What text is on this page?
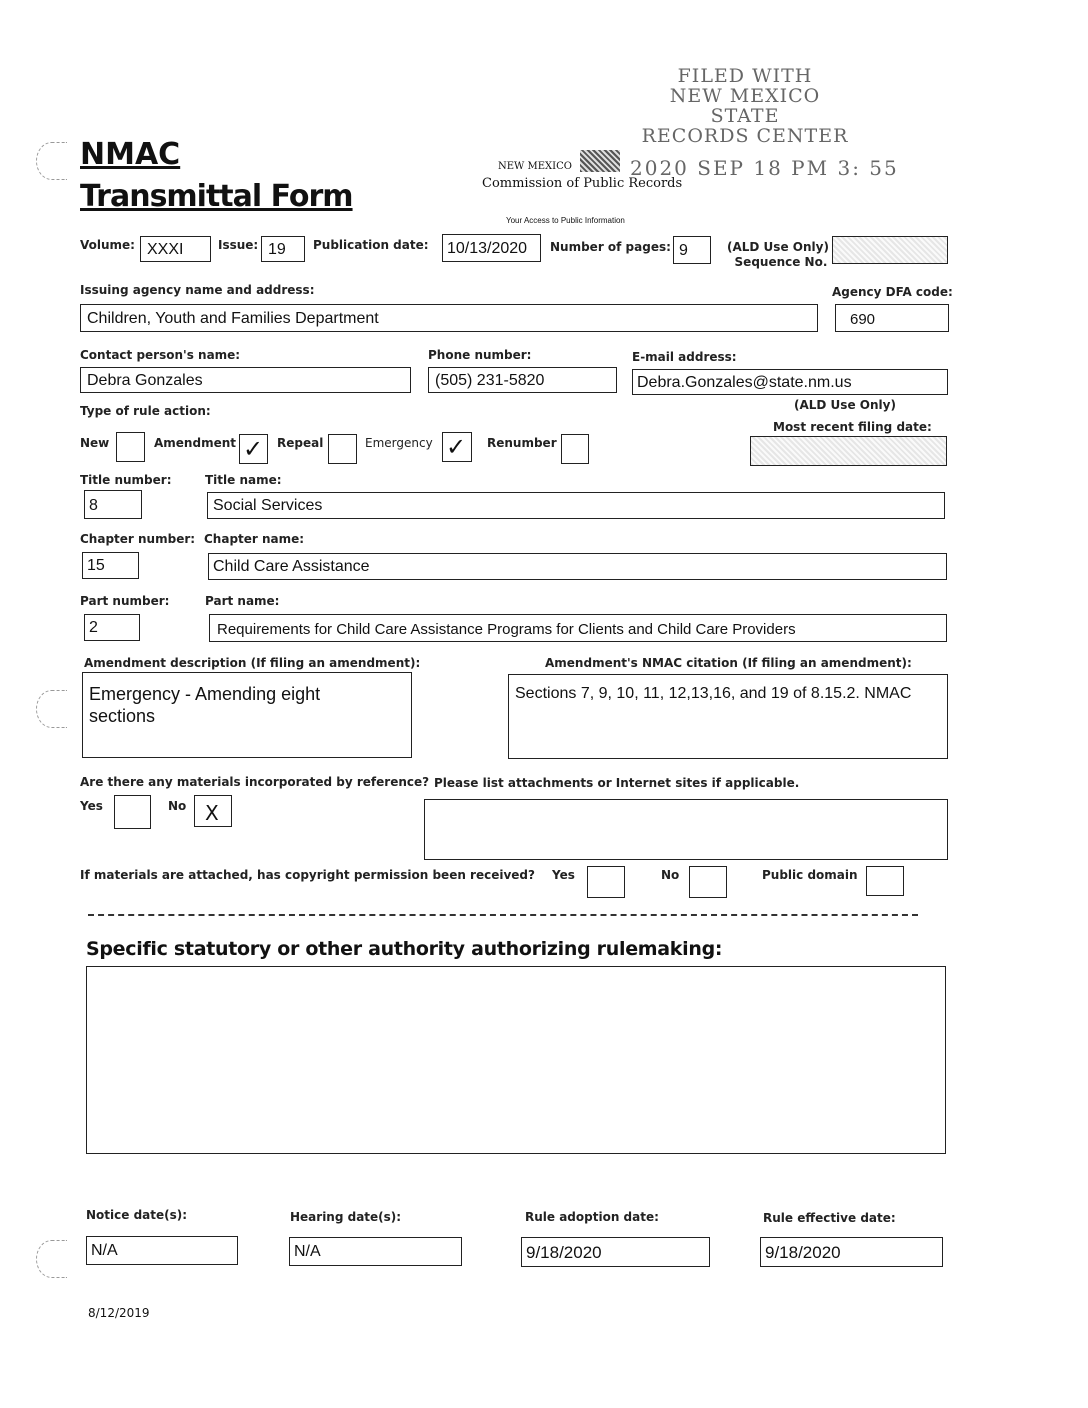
FILED WITH
NEW MEXICO STATE
RECORDS CENTER
2020 SEP 18 PM 3: 55
NMAC
Transmittal Form
NEW MEXICO
Commission of Public Records
Your Access to Public Information
Volume: XXXI	Issue: 19 Publication date: 10/13/2020 Number of pages: 9	(ALD Use Only)
Sequence No.
Issuing agency name and address:	Agency DFA code:
Children, Youth and Families Department	690
Contact person's name:	Phone number:	E-mail address:
Debra Gonzales	(505) 231-5820	Debra.Gonzales@state.nm.us
Type of rule action:	(ALD Use Only)
Most recent filing date:
New	Amendment ✓ Repeal	Emergency ✓ Renumber
Title number:	Title name:
8	Social Services
Chapter number: Chapter name:
15	Child Care Assistance
Part number:	Part name:
2	Requirements for Child Care Assistance Programs for Clients and Child Care Providers
Amendment description (If filing an amendment):	Amendment's NMAC citation (If filing an amendment):
Emergency - Amending eight sections
Sections 7, 9, 10, 11, 12,13,16, and 19 of 8.15.2. NMAC
Are there any materials incorporated by reference? Please list attachments or Internet sites if applicable.
Yes	No X
If materials are attached, has copyright permission been received? Yes	No	Public domain
Specific statutory or other authority authorizing rulemaking:
Notice date(s):	Hearing date(s):	Rule adoption date:	Rule effective date:
N/A	N/A	9/18/2020	9/18/2020
8/12/2019
